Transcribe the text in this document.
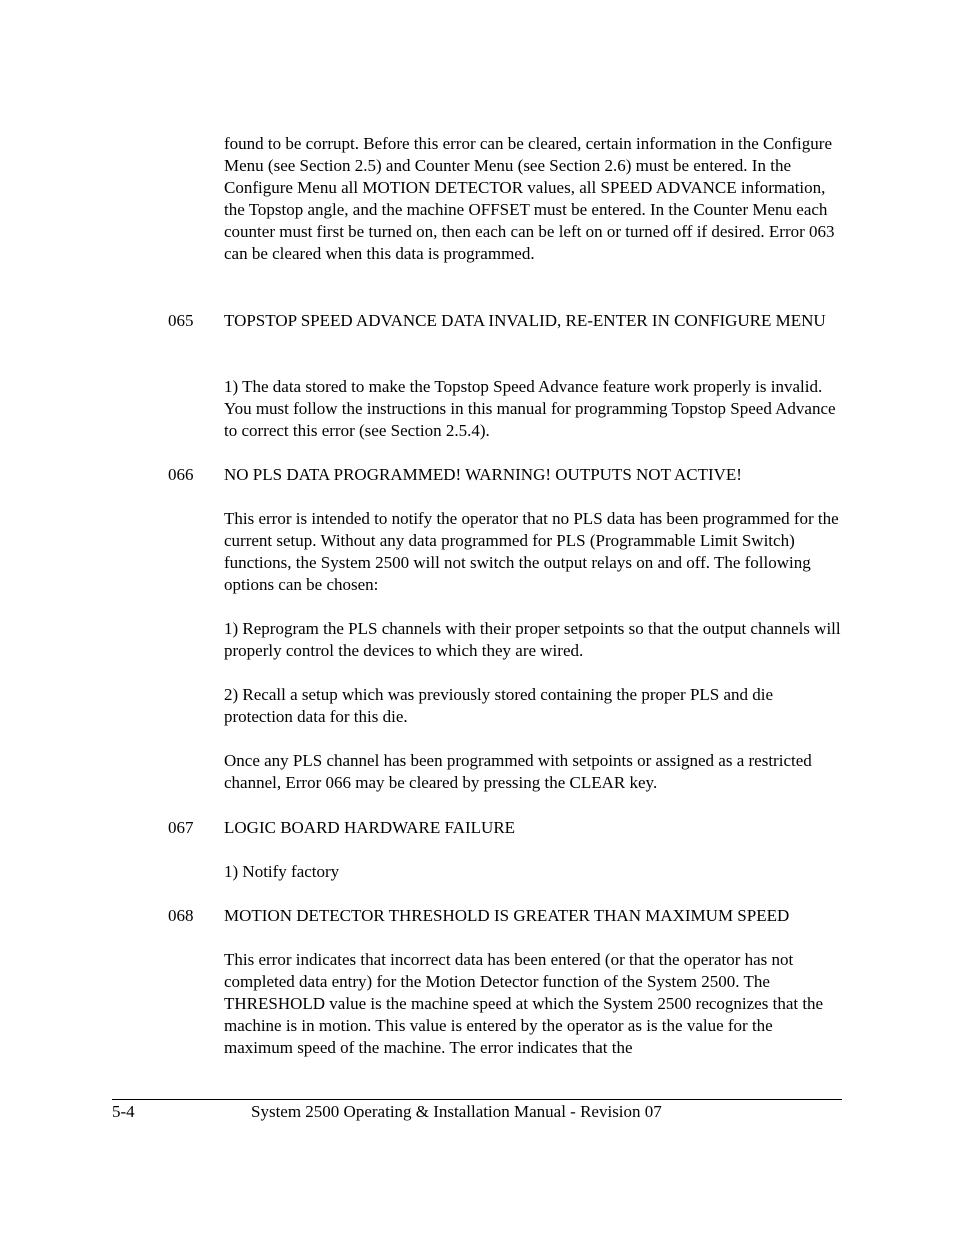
found to be corrupt. Before this error can be cleared, certain information in the Configure Menu (see Section 2.5) and Counter Menu (see Section 2.6) must be entered. In the Configure Menu all MOTION DETECTOR values, all SPEED ADVANCE information, the Topstop angle, and the machine OFFSET must be entered. In the Counter Menu each counter must first be turned on, then each can be left on or turned off if desired. Error 063 can be cleared when this data is programmed.

065 TOPSTOP SPEED ADVANCE DATA INVALID, RE-ENTER IN CONFIGURE MENU

1) The data stored to make the Topstop Speed Advance feature work properly is invalid. You must follow the instructions in this manual for programming Topstop Speed Advance to correct this error (see Section 2.5.4).

066 NO PLS DATA PROGRAMMED! WARNING! OUTPUTS NOT ACTIVE!

This error is intended to notify the operator that no PLS data has been programmed for the current setup. Without any data programmed for PLS (Programmable Limit Switch) functions, the System 2500 will not switch the output relays on and off. The following options can be chosen:

1) Reprogram the PLS channels with their proper setpoints so that the output channels will properly control the devices to which they are wired.

2) Recall a setup which was previously stored containing the proper PLS and die protection data for this die.

Once any PLS channel has been programmed with setpoints or assigned as a restricted channel, Error 066 may be cleared by pressing the CLEAR key.

067 LOGIC BOARD HARDWARE FAILURE

1) Notify factory

068 MOTION DETECTOR THRESHOLD IS GREATER THAN MAXIMUM SPEED

This error indicates that incorrect data has been entered (or that the operator has not completed data entry) for the Motion Detector function of the System 2500. The THRESHOLD value is the machine speed at which the System 2500 recognizes that the machine is in motion. This value is entered by the operator as is the value for the maximum speed of the machine. The error indicates that the

5-4	System 2500 Operating & Installation Manual - Revision 07
